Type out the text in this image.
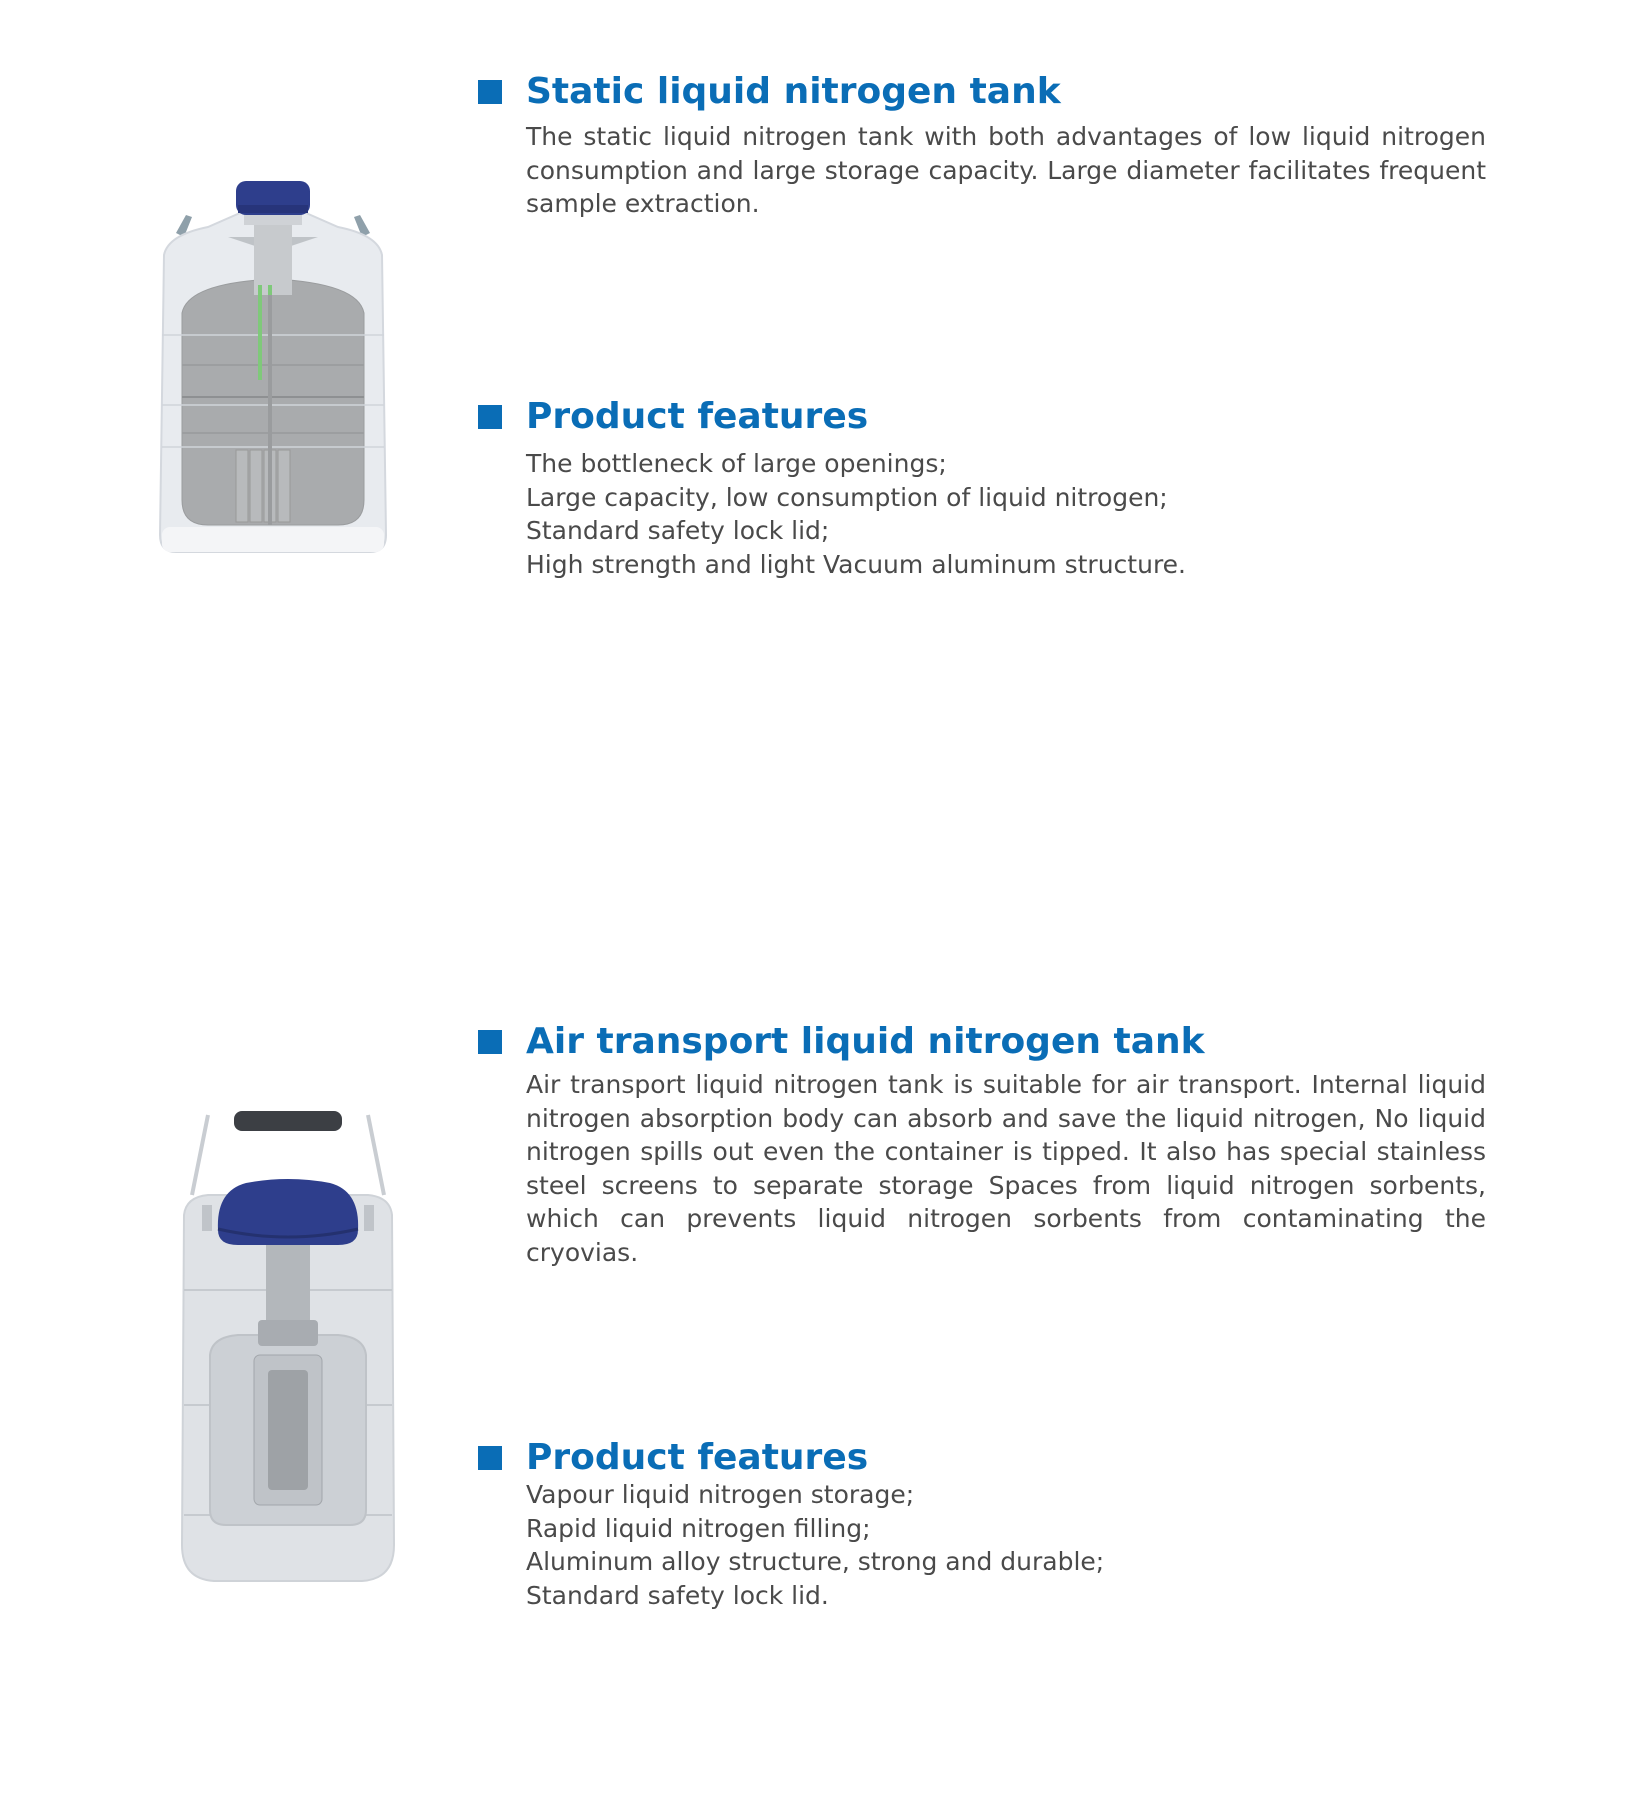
Static liquid nitrogen tank
The static liquid nitrogen tank with both advantages of low liquid nitrogen consumption and large storage capacity. Large diameter facilitates frequent sample extraction.
Product features
The bottleneck of large openings;
Large capacity, low consumption of liquid nitrogen;
Standard safety lock lid;
High strength and light Vacuum aluminum structure.
Air transport liquid nitrogen tank
Air transport liquid nitrogen tank is suitable for air transport. Internal liquid nitrogen absorption body can absorb and save the liquid nitrogen, No liquid nitrogen spills out even the container is tipped. It also has special stainless steel screens to separate storage Spaces from liquid nitrogen sorbents, which can prevents liquid nitrogen sorbents from contaminating the cryovias.
Product features
Vapour liquid nitrogen storage;
Rapid liquid nitrogen filling;
Aluminum alloy structure, strong and durable;
Standard safety lock lid.
